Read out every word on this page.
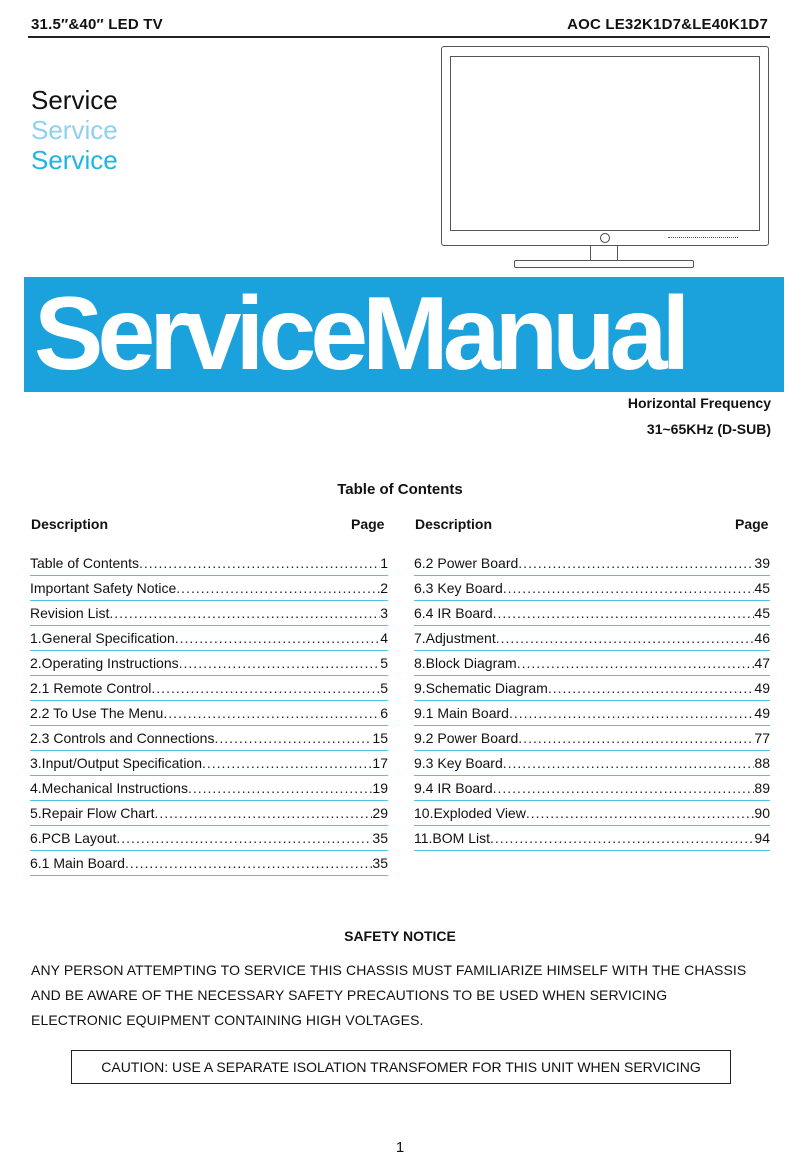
31.5″&40″ LED TV	AOC LE32K1D7&LE40K1D7
Service
Service
Service
ServiceManual
Horizontal Frequency
31~65KHz (D-SUB)
Table of Contents
Description	Page Description	Page
Table of Contents .....	1
Important Safety Notice .....	2
Revision List .....	3
1.General Specification .....	4
2.Operating Instructions .....	5
2.1 Remote Control .....	5
2.2 To Use The Menu .....	6
2.3 Controls and Connections .....	15
3.Input/Output Specification .....	17
4.Mechanical Instructions .....	19
5.Repair Flow Chart .....	29
6.PCB Layout .....	35
6.1 Main Board .....	35
6.2 Power Board .....	39
6.3 Key Board .....	45
6.4 IR Board .....	45
7.Adjustment .....	46
8.Block Diagram .....	47
9.Schematic Diagram .....	49
9.1 Main Board .....	49
9.2 Power Board .....	77
9.3 Key Board .....	88
9.4 IR Board .....	89
10.Exploded View .....	90
11.BOM List .....	94
SAFETY NOTICE
ANY PERSON ATTEMPTING TO SERVICE THIS CHASSIS MUST FAMILIARIZE HIMSELF WITH THE CHASSIS
AND BE AWARE OF THE NECESSARY SAFETY PRECAUTIONS TO BE USED WHEN SERVICING
ELECTRONIC EQUIPMENT CONTAINING HIGH VOLTAGES.
CAUTION: USE A SEPARATE ISOLATION TRANSFOMER FOR THIS UNIT WHEN SERVICING
1
